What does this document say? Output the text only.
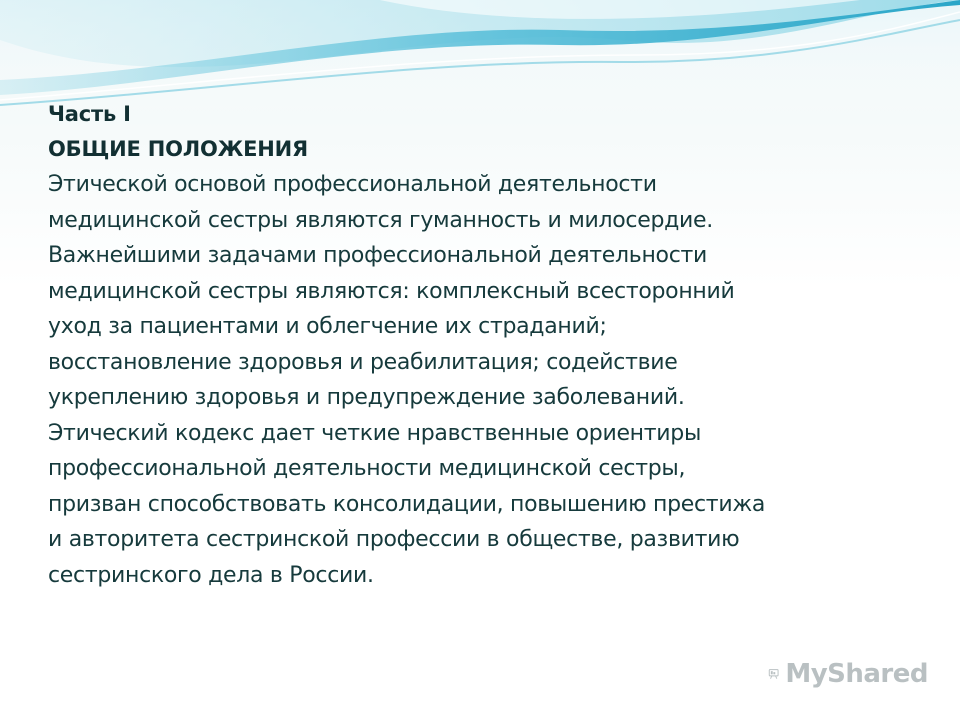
Часть I
ОБЩИЕ ПОЛОЖЕНИЯ
Этической основой профессиональной деятельности
медицинской сестры являются гуманность и милосердие.
Важнейшими задачами профессиональной деятельности
медицинской сестры являются: комплексный всесторонний
уход за пациентами и облегчение их страданий;
восстановление здоровья и реабилитация; содействие
укреплению здоровья и предупреждение заболеваний.
Этический кодекс дает четкие нравственные ориентиры
профессиональной деятельности медицинской сестры,
призван способствовать консолидации, повышению престижа
и авторитета сестринской профессии в обществе, развитию
сестринского дела в России.
MyShared
